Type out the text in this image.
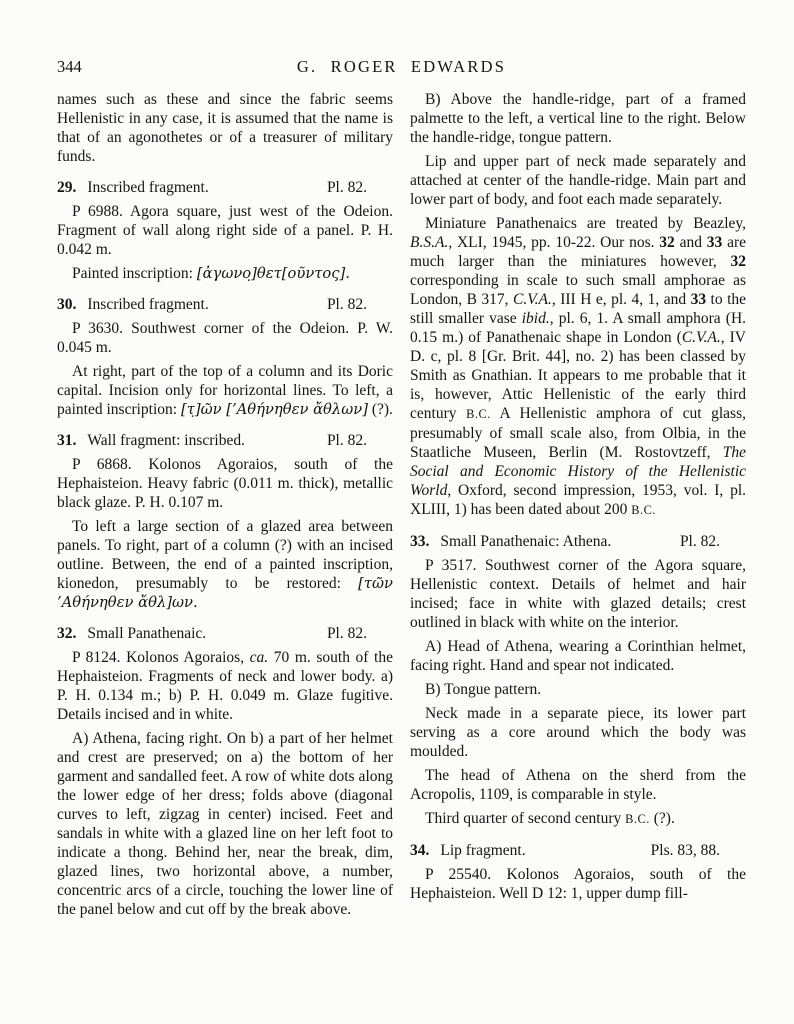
344	G. ROGER EDWARDS

names such as these and since the fabric seems Hellenistic in any case, it is assumed that the name is that of an agonothetes or of a treasurer of military funds.

29. Inscribed fragment.	Pl. 82.

P 6988. Agora square, just west of the Odeion. Fragment of wall along right side of a panel. P. H. 0.042 m.

Painted inscription: [ἀγωνο̣]θετ[οῦντος].

30. Inscribed fragment.	Pl. 82.

P 3630. Southwest corner of the Odeion. P. W. 0.045 m.

At right, part of the top of a column and its Doric capital. Incision only for horizontal lines. To left, a painted inscription: [τ̣]ῶν [’Αθήνηθεν ἄθλων] (?).

31. Wall fragment: inscribed.	Pl. 82.

P 6868. Kolonos Agoraios, south of the Hephaisteion. Heavy fabric (0.011 m. thick), metallic black glaze. P. H. 0.107 m.

To left a large section of a glazed area between panels. To right, part of a column (?) with an incised outline. Between, the end of a painted inscription, kionedon, presumably to be restored: [τῶν ’Αθήνηθεν ἄθλ]ων.

32. Small Panathenaic.	Pl. 82.

P 8124. Kolonos Agoraios, ca. 70 m. south of the Hephaisteion. Fragments of neck and lower body. a) P. H. 0.134 m.; b) P. H. 0.049 m. Glaze fugitive. Details incised and in white.

A) Athena, facing right. On b) a part of her helmet and crest are preserved; on a) the bottom of her garment and sandalled feet. A row of white dots along the lower edge of her dress; folds above (diagonal curves to left, zigzag in center) incised. Feet and sandals in white with a glazed line on her left foot to indicate a thong. Behind her, near the break, dim, glazed lines, two horizontal above, a number, concentric arcs of a circle, touching the lower line of the panel below and cut off by the break above.

B) Above the handle-ridge, part of a framed palmette to the left, a vertical line to the right. Below the handle-ridge, tongue pattern.

Lip and upper part of neck made separately and attached at center of the handle-ridge. Main part and lower part of body, and foot each made separately.

Miniature Panathenaics are treated by Beazley, B.S.A., XLI, 1945, pp. 10-22. Our nos. 32 and 33 are much larger than the miniatures however, 32 corresponding in scale to such small amphorae as London, B 317, C.V.A., III H e, pl. 4, 1, and 33 to the still smaller vase ibid., pl. 6, 1. A small amphora (H. 0.15 m.) of Panathenaic shape in London (C.V.A., IV D. c, pl. 8 [Gr. Brit. 44], no. 2) has been classed by Smith as Gnathian. It appears to me probable that it is, however, Attic Hellenistic of the early third century B.C. A Hellenistic amphora of cut glass, presumably of small scale also, from Olbia, in the Staatliche Museen, Berlin (M. Rostovtzeff, The Social and Economic History of the Hellenistic World, Oxford, second impression, 1953, vol. I, pl. XLIII, 1) has been dated about 200 B.C.

33. Small Panathenaic: Athena.	Pl. 82.

P 3517. Southwest corner of the Agora square, Hellenistic context. Details of helmet and hair incised; face in white with glazed details; crest outlined in black with white on the interior.

A) Head of Athena, wearing a Corinthian helmet, facing right. Hand and spear not indicated.

B) Tongue pattern.

Neck made in a separate piece, its lower part serving as a core around which the body was moulded.

The head of Athena on the sherd from the Acropolis, 1109, is comparable in style.

Third quarter of second century B.C. (?).

34. Lip fragment.	Pls. 83, 88.

P 25540. Kolonos Agoraios, south of the Hephaisteion. Well D 12: 1, upper dump fill-
